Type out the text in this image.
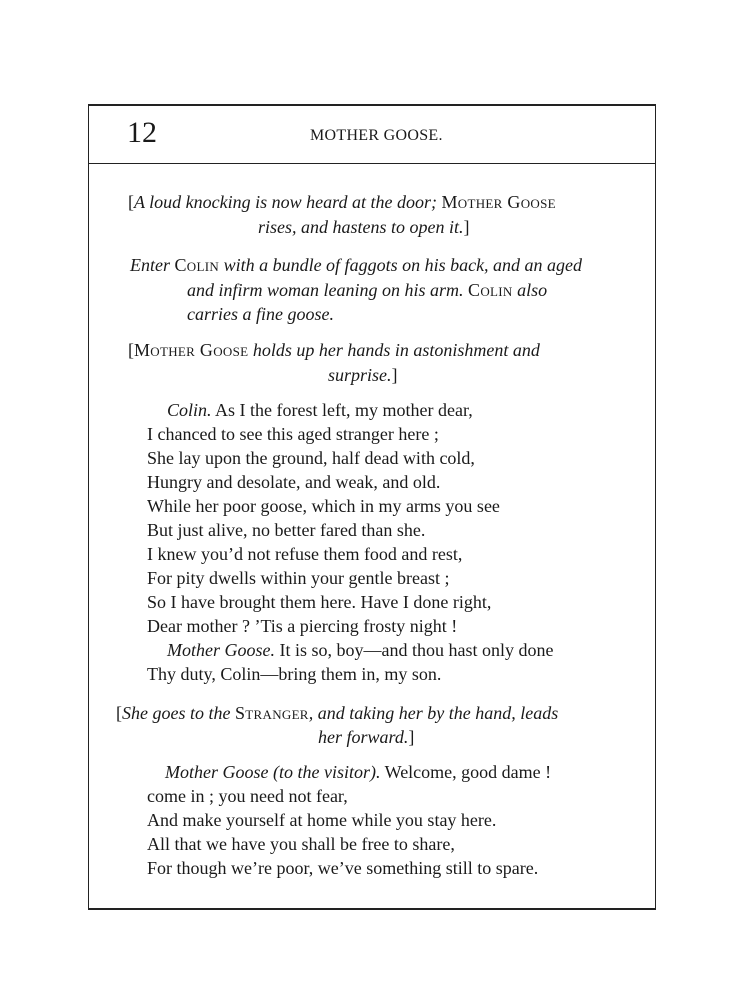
12	MOTHER GOOSE.

[A loud knocking is now heard at the door; Mother Goose

rises, and hastens to open it.]

Enter Colin with a bundle of faggots on his back, and an aged

and infirm woman leaning on his arm. Colin also

carries a fine goose.

[Mother Goose holds up her hands in astonishment and

surprise.]

Colin. As I the forest left, my mother dear,

I chanced to see this aged stranger here ;

She lay upon the ground, half dead with cold,

Hungry and desolate, and weak, and old.

While her poor goose, which in my arms you see

But just alive, no better fared than she.

I knew you’d not refuse them food and rest,

For pity dwells within your gentle breast ;

So I have brought them here. Have I done right,

Dear mother ? ’Tis a piercing frosty night !

Mother Goose. It is so, boy—and thou hast only done

Thy duty, Colin—bring them in, my son.

[She goes to the Stranger, and taking her by the hand, leads

her forward.]

Mother Goose (to the visitor). Welcome, good dame !

come in ; you need not fear,

And make yourself at home while you stay here.

All that we have you shall be free to share,

For though we’re poor, we’ve something still to spare.
